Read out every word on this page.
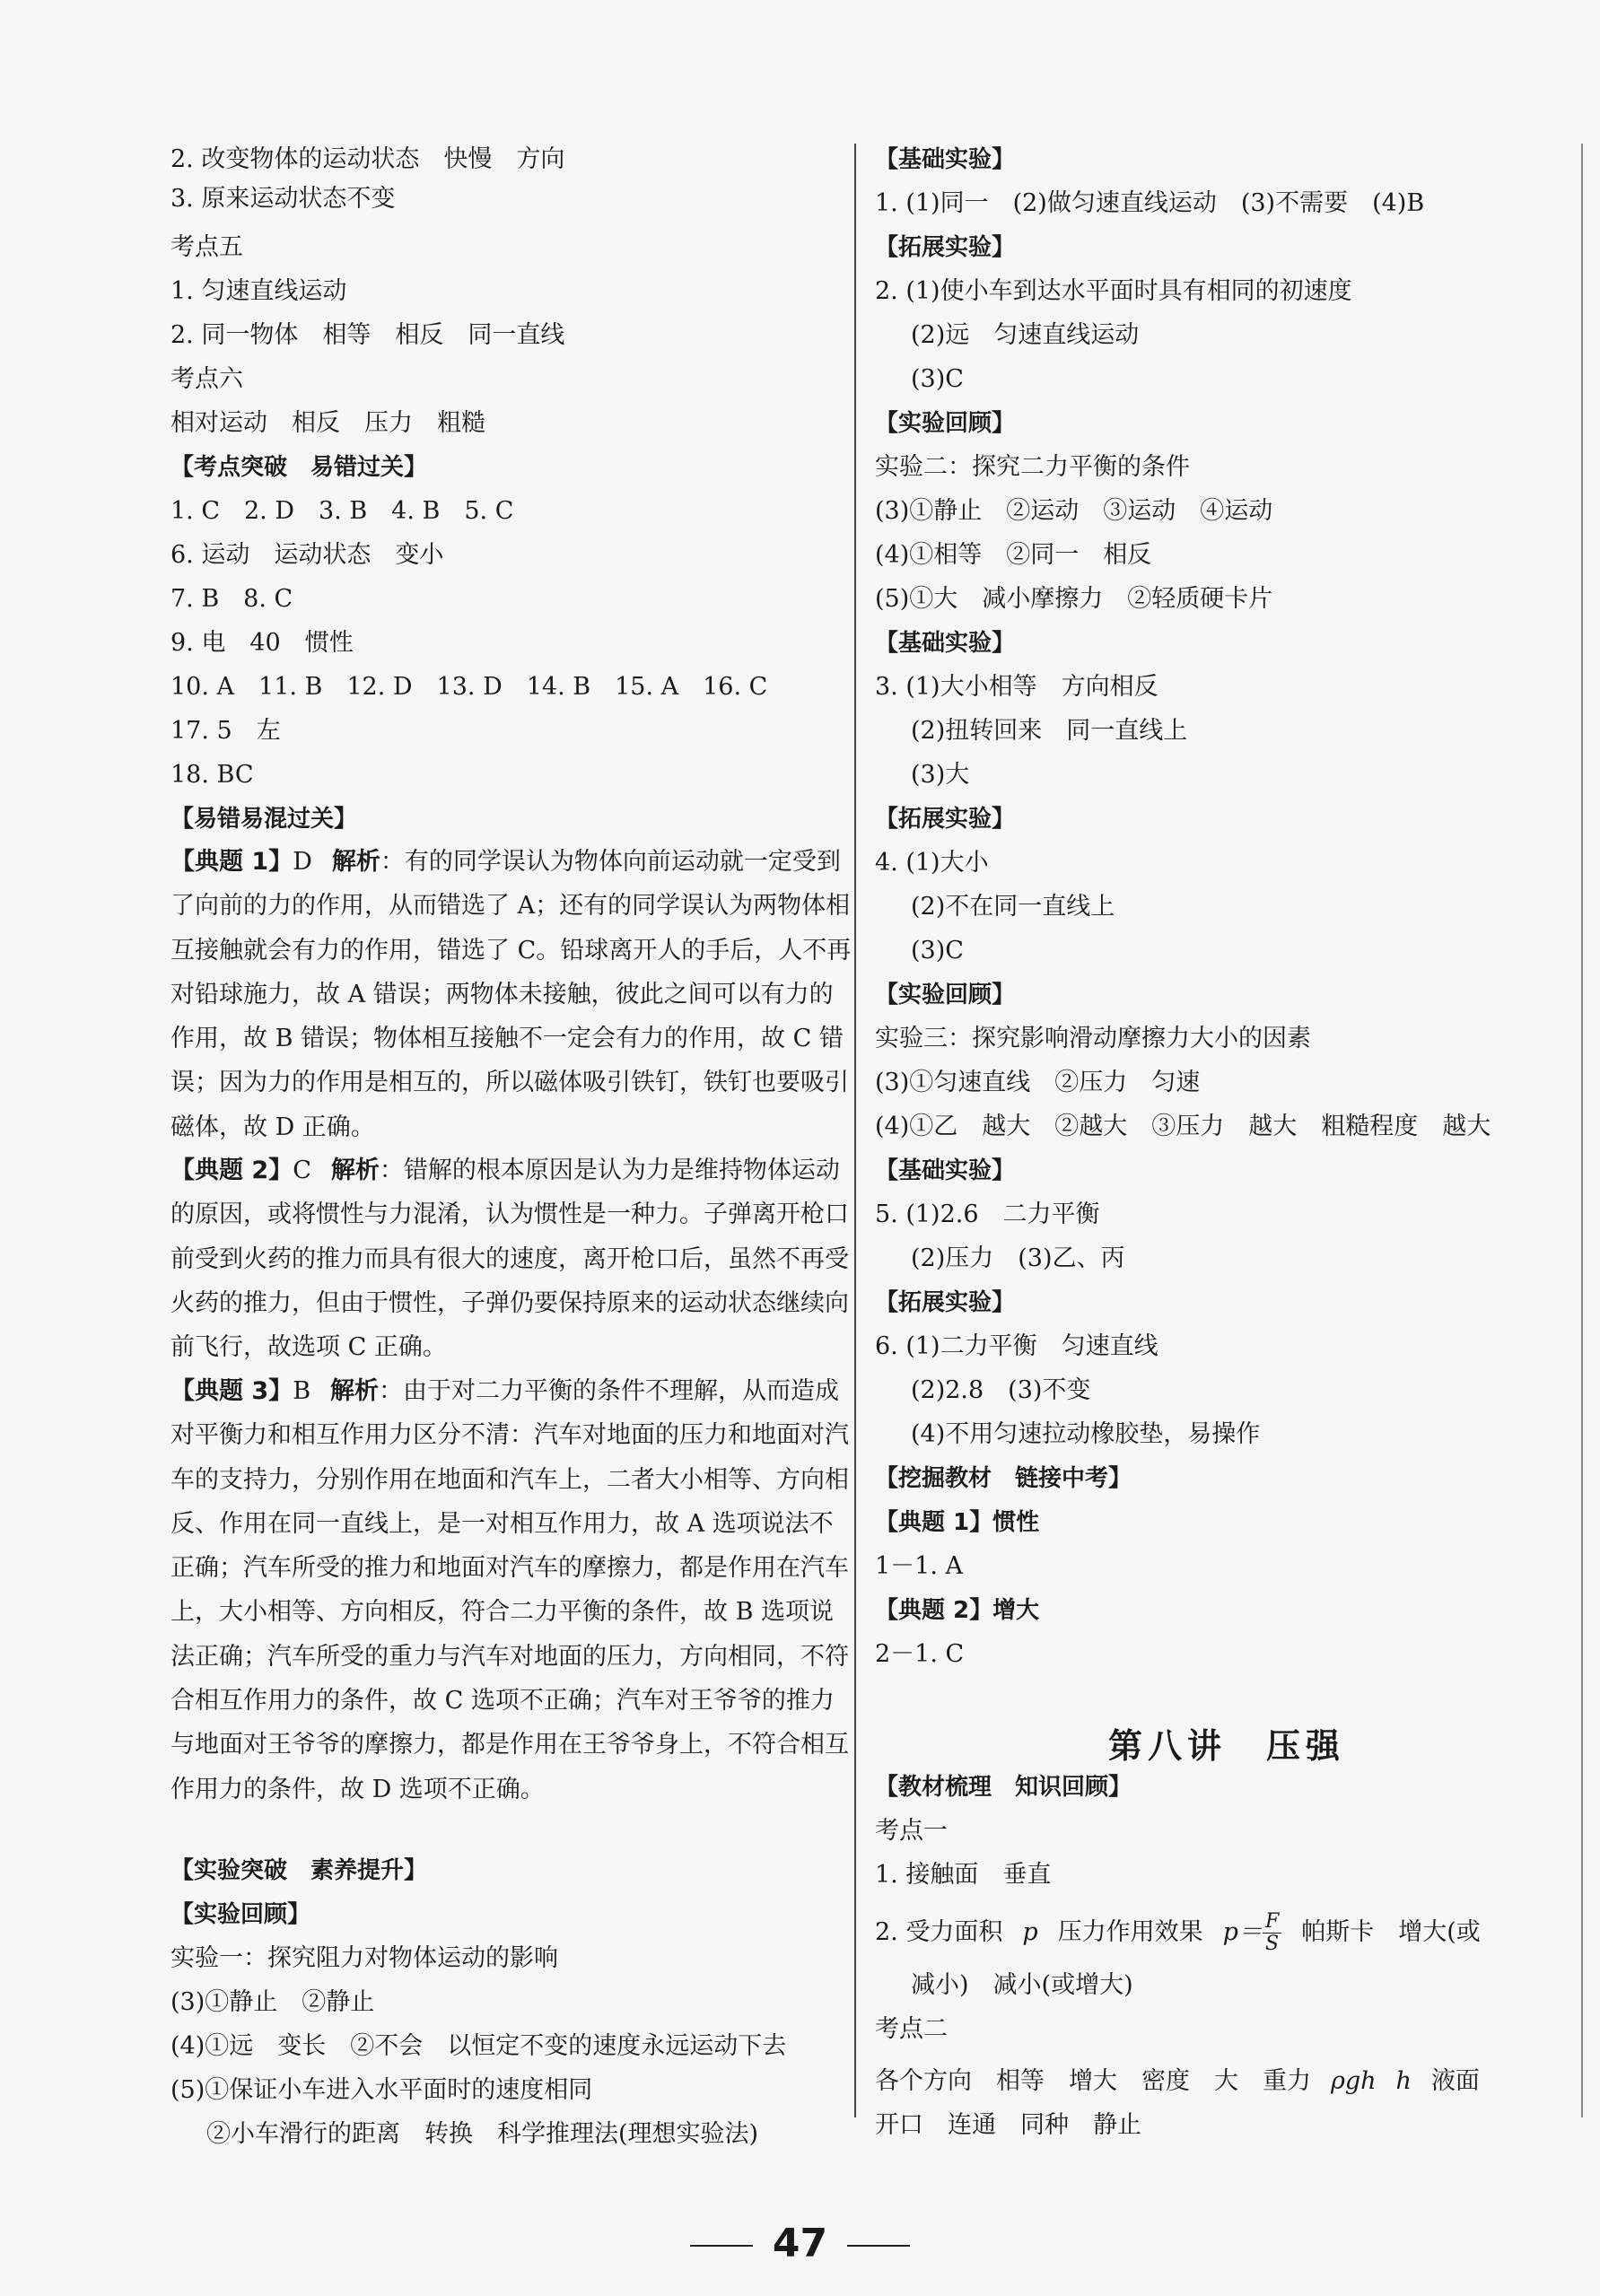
2. 改变物体的运动状态　快慢　方向
3. 原来运动状态不变
考点五
1. 匀速直线运动
2. 同一物体　相等　相反　同一直线
考点六
相对运动　相反　压力　粗糙
【考点突破　易错过关】
1. C　2. D　3. B　4. B　5. C
6. 运动　运动状态　变小
7. B　8. C
9. 电　40　惯性
10. A　11. B　12. D　13. D　14. B　15. A　16. C
17. 5　左
18. BC
【易错易混过关】
【典题 1】D 解析：有的同学误认为物体向前运动就一定受到了向前的力的作用，从而错选了 A；还有的同学误认为两物体相互接触就会有力的作用，错选了 C。铅球离开人的手后，人不再对铅球施力，故 A 错误；两物体未接触，彼此之间可以有力的作用，故 B 错误；物体相互接触不一定会有力的作用，故 C 错误；因为力的作用是相互的，所以磁体吸引铁钉，铁钉也要吸引磁体，故 D 正确。
【典题 2】C 解析：错解的根本原因是认为力是维持物体运动的原因，或将惯性与力混淆，认为惯性是一种力。子弹离开枪口前受到火药的推力而具有很大的速度，离开枪口后，虽然不再受火药的推力，但由于惯性，子弹仍要保持原来的运动状态继续向前飞行，故选项 C 正确。
【典题 3】B 解析：由于对二力平衡的条件不理解，从而造成对平衡力和相互作用力区分不清：汽车对地面的压力和地面对汽车的支持力，分别作用在地面和汽车上，二者大小相等、方向相反、作用在同一直线上，是一对相互作用力，故 A 选项说法不正确；汽车所受的推力和地面对汽车的摩擦力，都是作用在汽车上，大小相等、方向相反，符合二力平衡的条件，故 B 选项说法正确；汽车所受的重力与汽车对地面的压力，方向相同，不符合相互作用力的条件，故 C 选项不正确；汽车对王爷爷的推力与地面对王爷爷的摩擦力，都是作用在王爷爷身上，不符合相互作用力的条件，故 D 选项不正确。
【实验突破　素养提升】
【实验回顾】
实验一：探究阻力对物体运动的影响
(3)①静止　②静止
(4)①远　变长　②不会　以恒定不变的速度永远运动下去
(5)①保证小车进入水平面时的速度相同
②小车滑行的距离　转换　科学推理法(理想实验法)
【基础实验】
1. (1)同一　(2)做匀速直线运动　(3)不需要　(4)B
【拓展实验】
2. (1)使小车到达水平面时具有相同的初速度
(2)远　匀速直线运动
(3)C
【实验回顾】
实验二：探究二力平衡的条件
(3)①静止　②运动　③运动　④运动
(4)①相等　②同一　相反
(5)①大　减小摩擦力　②轻质硬卡片
【基础实验】
3. (1)大小相等　方向相反
(2)扭转回来　同一直线上
(3)大
【拓展实验】
4. (1)大小
(2)不在同一直线上
(3)C
【实验回顾】
实验三：探究影响滑动摩擦力大小的因素
(3)①匀速直线　②压力　匀速
(4)①乙　越大　②越大　③压力　越大　粗糙程度　越大
【基础实验】
5. (1)2.6　二力平衡
(2)压力　(3)乙、丙
【拓展实验】
6. (1)二力平衡　匀速直线
(2)2.8　(3)不变
(4)不用匀速拉动橡胶垫，易操作
【挖掘教材　链接中考】
【典题 1】惯性
1－1. A
【典题 2】增大
2－1. C
【教材梳理　知识回顾】
考点一
1. 接触面　垂直
2. 受力面积 p 压力作用效果 $p= \frac{F}{S}$ 帕斯卡　增大(或
减小)　减小(或增大)
考点二
各个方向　相等　增大　密度　大　重力 ρgh h 液面
开口　连通　同种　静止
第八讲　压强
47
